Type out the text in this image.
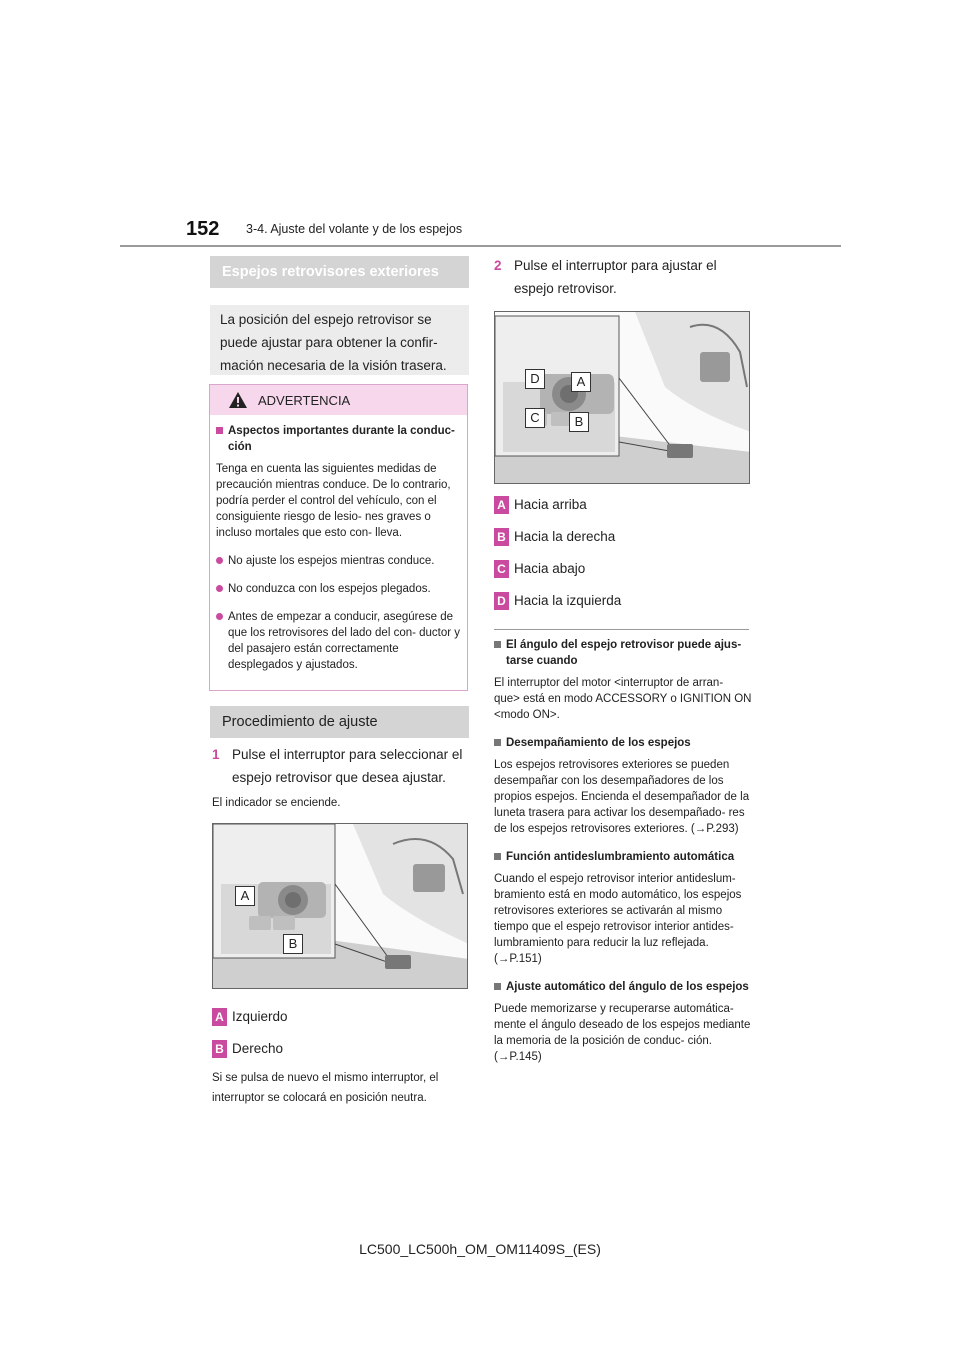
152 3-4. Ajuste del volante y de los espejos
Espejos retrovisores exteriores
La posición del espejo retrovisor se puede ajustar para obtener la confirmación necesaria de la visión trasera.
ADVERTENCIA
Aspectos importantes durante la conduc- ción
Tenga en cuenta las siguientes medidas de precaución mientras conduce. De lo contrario, podría perder el control del vehículo, con el consiguiente riesgo de lesio- nes graves o incluso mortales que esto con- lleva.
No ajuste los espejos mientras conduce.
No conduzca con los espejos plegados.
Antes de empezar a conducir, asegúrese de que los retrovisores del lado del con- ductor y del pasajero están correctamente desplegados y ajustados.
Procedimiento de ajuste
1 Pulse el interruptor para seleccionar el espejo retrovisor que desea ajustar.
El indicador se enciende.
A
B
A Izquierdo
B Derecho
Si se pulsa de nuevo el mismo interruptor, el interruptor se colocará en posición neutra.
2 Pulse el interruptor para ajustar el espejo retrovisor.
D	A
C	B
A Hacia arriba
B Hacia la derecha
C Hacia abajo
D Hacia la izquierda
El ángulo del espejo retrovisor puede ajus- tarse cuando
El interruptor del motor <interruptor de arran- que> está en modo ACCESSORY o IGNITION ON <modo ON>.
Desempañamiento de los espejos
Los espejos retrovisores exteriores se pueden desempañar con los desempañadores de los propios espejos. Encienda el desempañador de la luneta trasera para activar los desempañado- res de los espejos retrovisores exteriores. (→P.293)
Función antideslumbramiento automática
Cuando el espejo retrovisor interior antideslum- bramiento está en modo automático, los espejos retrovisores exteriores se activarán al mismo tiempo que el espejo retrovisor interior antides- lumbramiento para reducir la luz reflejada. (→P.151)
Ajuste automático del ángulo de los espejos
Puede memorizarse y recuperarse automática- mente el ángulo deseado de los espejos mediante la memoria de la posición de conduc- ción. (→P.145)
LC500_LC500h_OM_OM11409S_(ES)
